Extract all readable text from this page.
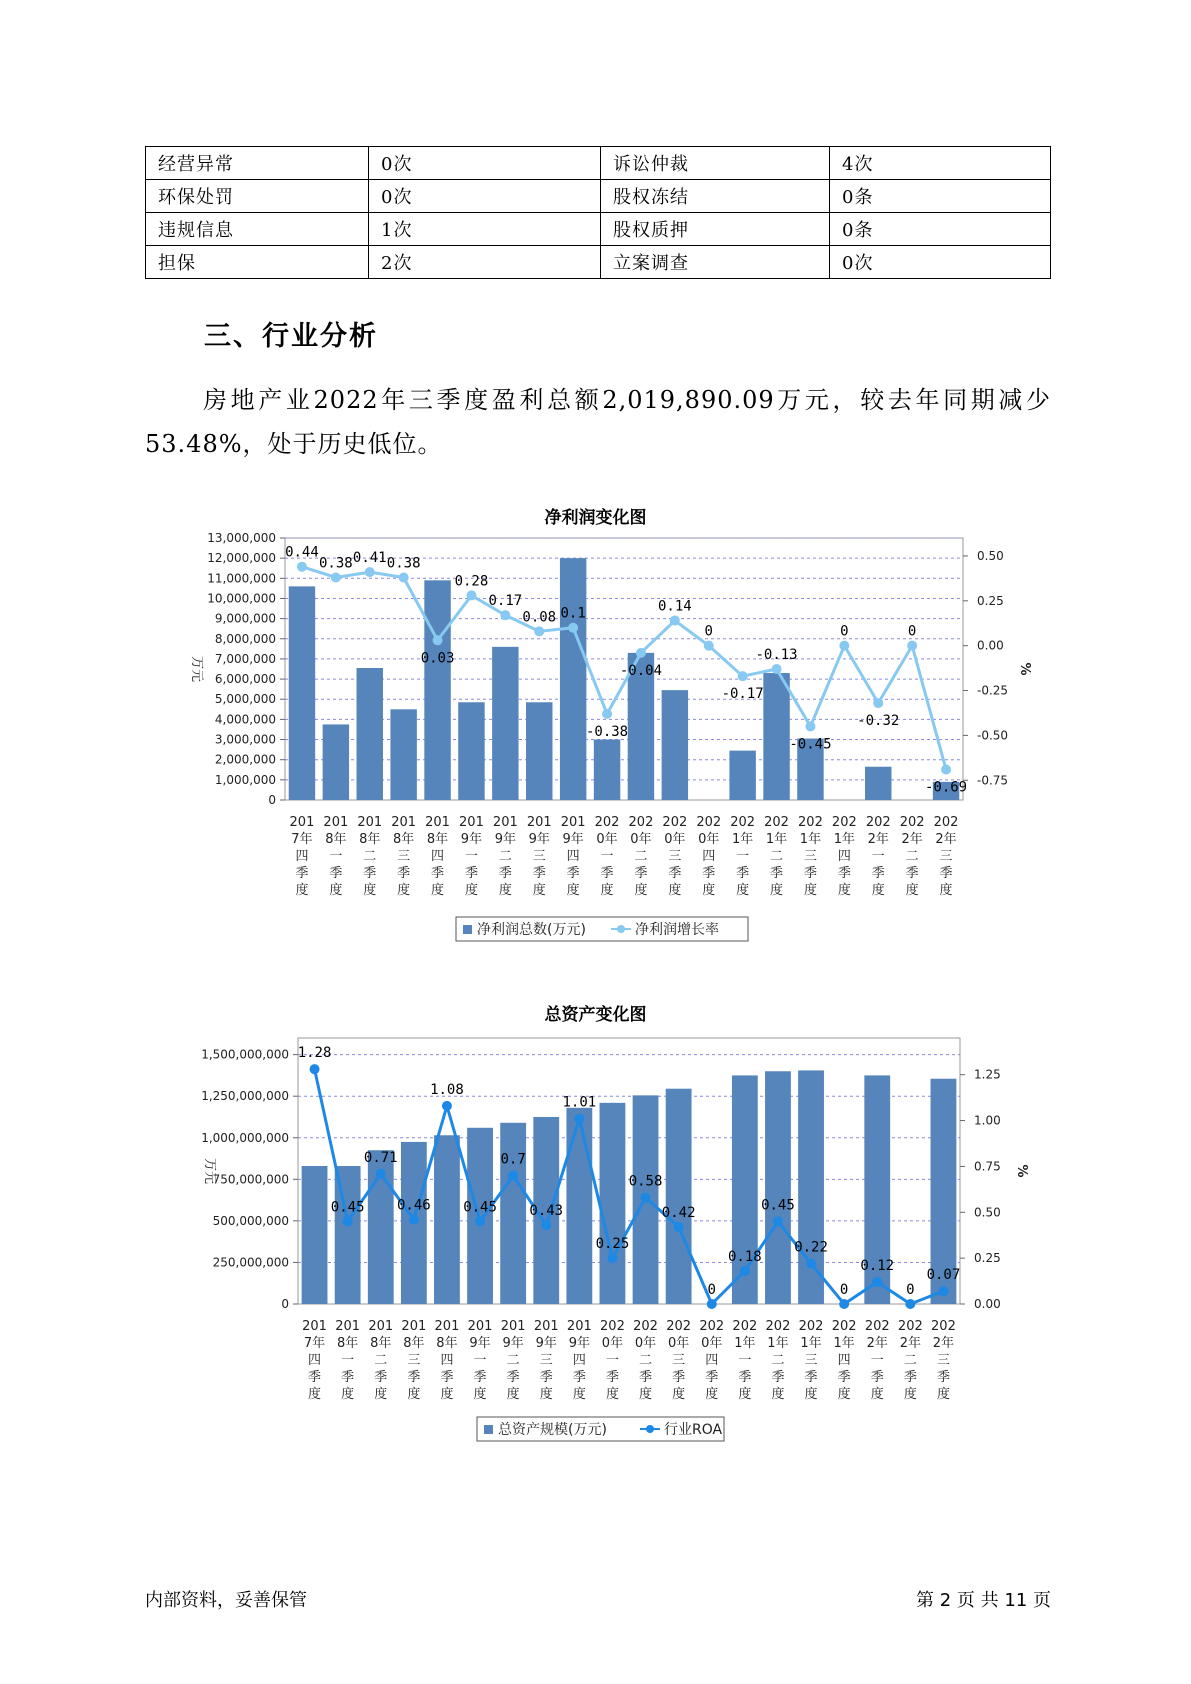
经营异常	0次	诉讼仲裁	4次
环保处罚	0次	股权冻结	0条
违规信息	1次	股权质押	0条
担保	2次	立案调查	0次
三、行业分析
房地产业2022年三季度盈利总额2,019,890.09万元，较去年同期减少53.48%，处于历史低位。
净利润变化图
0
1,000,000
2,000,000
3,000,000
4,000,000
5,000,000
6,000,000
7,000,000
8,000,000
9,000,000
10,000,000
11,000,000
12,000,000
13,000,000
0.50
0.25
0.00
-0.25
-0.50
-0.75
万元	%
201
7年
四
季
度
201
8年
一
季
度
201
8年
二
季
度
201
8年
三
季
度
201
8年
四
季
度
201
9年
一
季
度
201
9年
二
季
度
201
9年
三
季
度
201
9年
四
季
度
202
0年
一
季
度
202
0年
二
季
度
202
0年
三
季
度
202
0年
四
季
度
202
1年
一
季
度
202
1年
二
季
度
202
1年
三
季
度
202
1年
四
季
度
202
2年
一
季
度
202
2年
二
季
度
202
2年
三
季
度
0.44
0.38 0.41 0.38
0.03
0.28
0.17
0.08 0.1
-0.38
-0.04
0.14
0
-0.17
-0.13
-0.45
0
-0.32
0
-0.69
净利润总数(万元)	净利润增长率
总资产变化图
0
250,000,000
500,000,000
750,000,000
1,000,000,000
1,250,000,000
1,500,000,000
0.00
0.25
0.50
0.75
1.00
1.25
万元	%
201
7年
四
季
度
201
8年
一
季
度
201
8年
二
季
度
201
8年
三
季
度
201
8年
四
季
度
201
9年
一
季
度
201
9年
二
季
度
201
9年
三
季
度
201
9年
四
季
度
202
0年
一
季
度
202
0年
二
季
度
202
0年
三
季
度
202
0年
四
季
度
202
1年
一
季
度
202
1年
二
季
度
202
1年
三
季
度
202
1年
四
季
度
202
2年
一
季
度
202
2年
二
季
度
202
2年
三
季
度
1.28
0.45
0.71
0.46
1.08
0.45
0.7
0.43
1.01
0.25
0.58
0.42
0
0.18
0.45
0.22
0
0.12
0
0.07
总资产规模(万元)	行业ROA
内部资料，妥善保管	第 2 页 共 11 页
